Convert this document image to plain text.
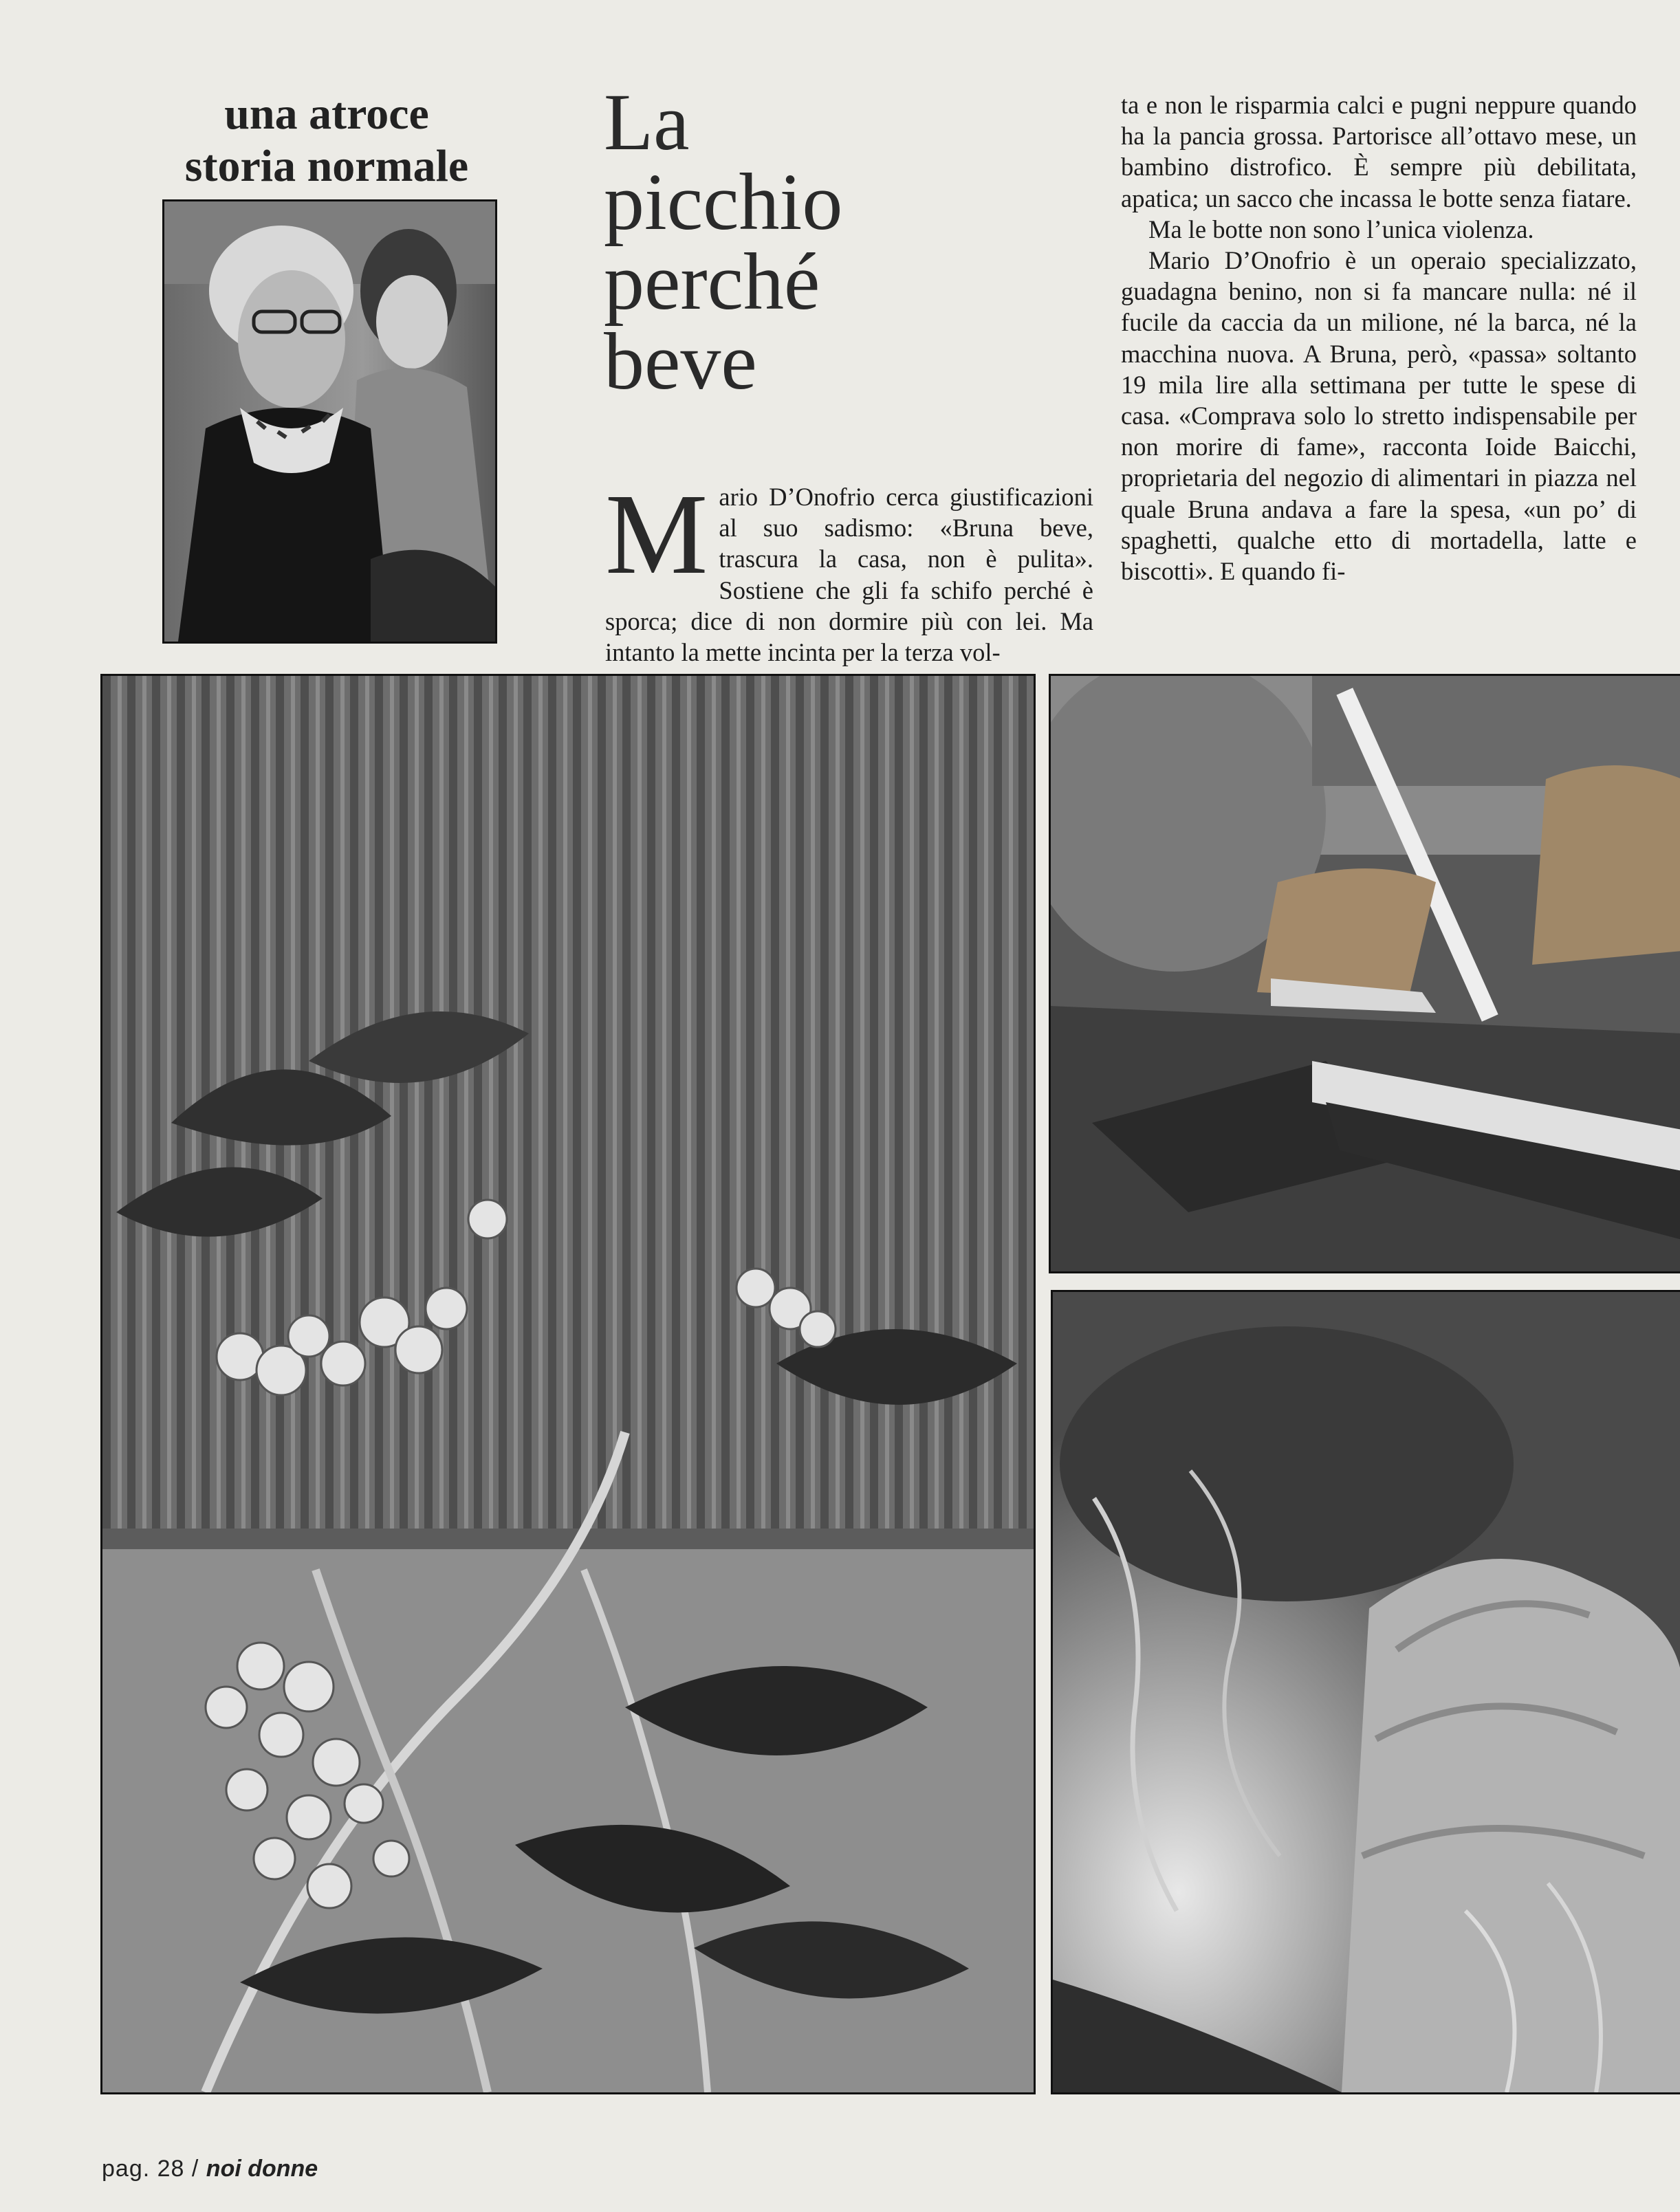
una atroce
storia normale	La
picchio
perché
beve
M ario D’Onofrio cerca giustificazioni al suo sadismo: «Bruna beve, trascura la casa, non è pulita». Sostiene che gli fa schifo perché è sporca; dice di non dormire più con lei. Ma intanto la mette incinta per la terza vol-

ta e non le risparmia calci e pugni neppure quando ha la pancia grossa. Partorisce all’ottavo mese, un bambino distrofico. È sempre più debilitata, apatica; un sacco che incassa le botte senza fiatare.

Ma le botte non sono l’unica violenza.

Mario D’Onofrio è un operaio specializzato, guadagna benino, non si fa mancare nulla: né il fucile da caccia da un milione, né la barca, né la macchina nuova. A Bruna, però, «passa» soltanto 19 mila lire alla settimana per tutte le spese di casa. «Comprava solo lo stretto indispensabile per non morire di fame», racconta Ioide Baicchi, proprietaria del negozio di alimentari in piazza nel quale Bruna andava a fare la spesa, «un po’ di spaghetti, qualche etto di mortadella, latte e biscotti». E quando fi-

pag. 28 / noi donne
